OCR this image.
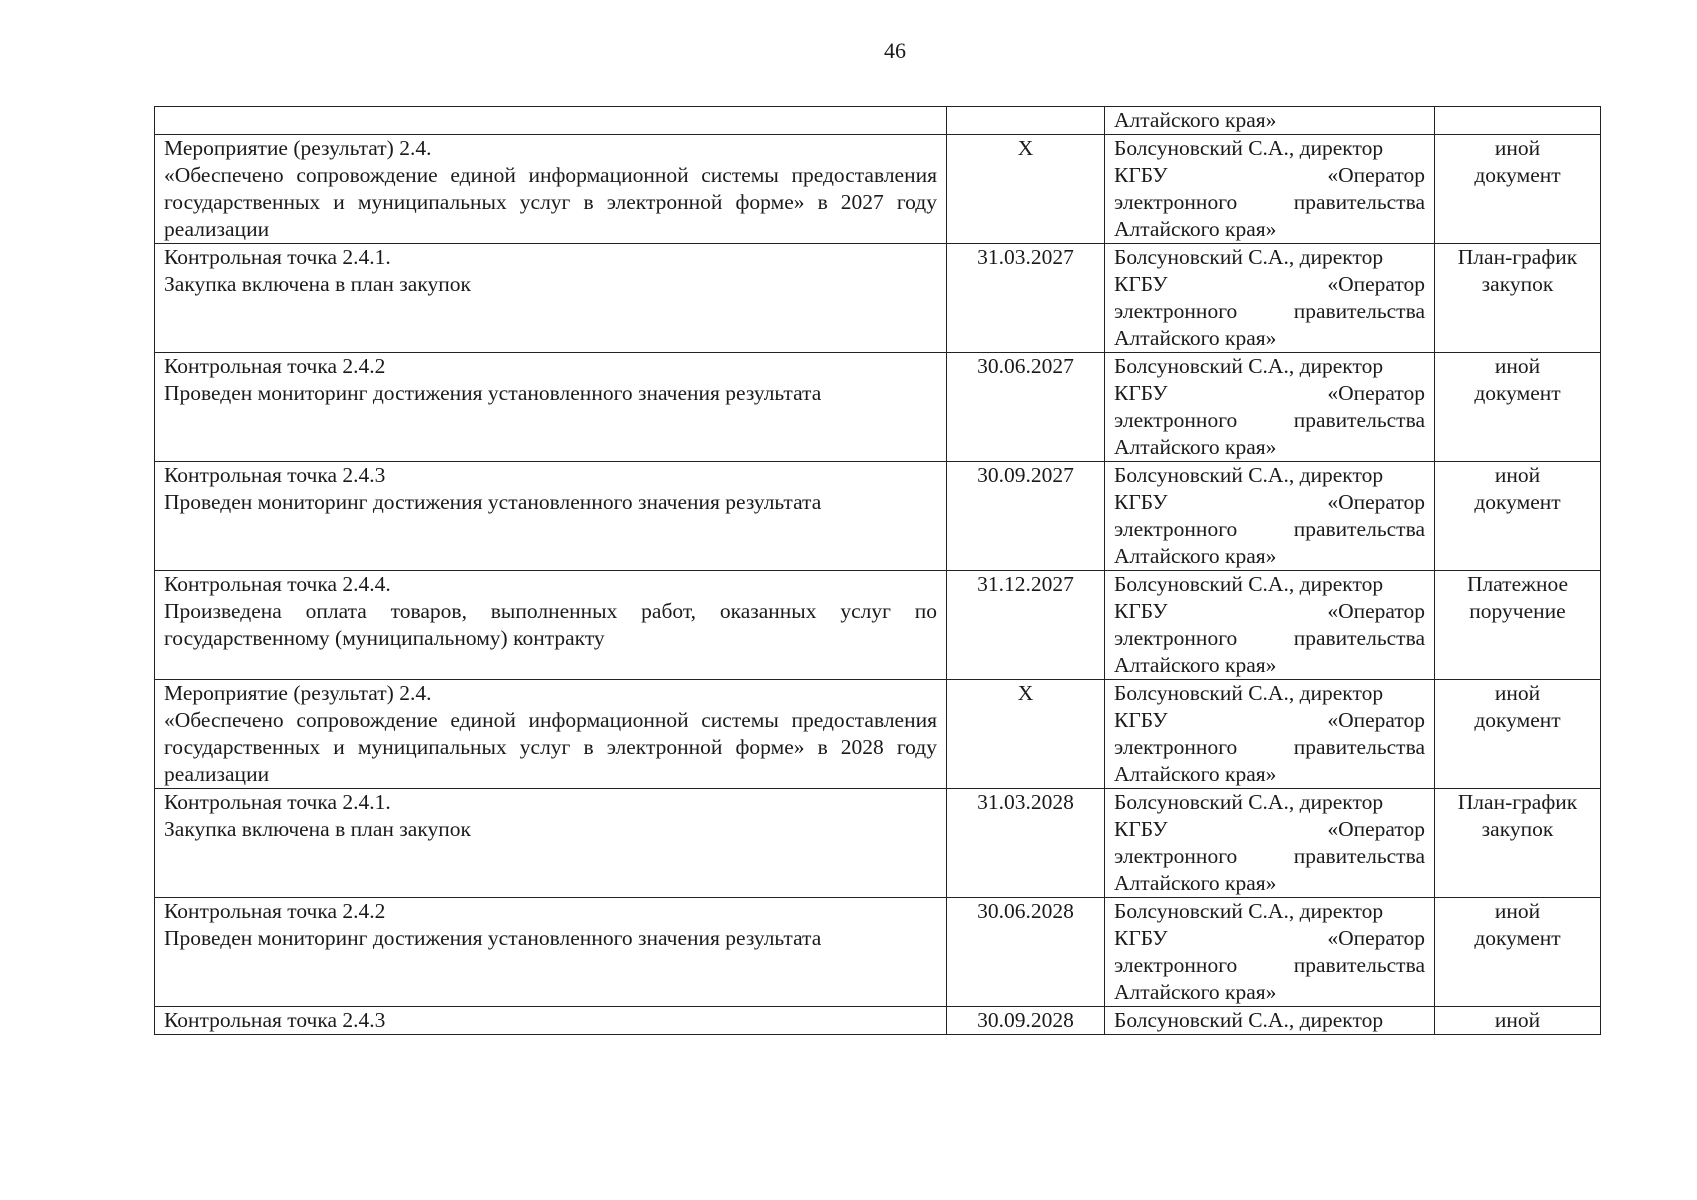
46

		Алтайского края»	

Мероприятие (результат) 2.4.
«Обеспечено сопровождение единой информационной системы предоставления государственных и муниципальных услуг в электронной форме» в 2027 году реализации	Х	Болсуновский С.А., директор
КГБУ «Оператор
электронного правительства
Алтайского края»	иной
документ

Контрольная точка 2.4.1.
Закупка включена в план закупок	31.03.2027	Болсуновский С.А., директор
КГБУ «Оператор
электронного правительства
Алтайского края»	План-график
закупок

Контрольная точка 2.4.2
Проведен мониторинг достижения установленного значения результата	30.06.2027	Болсуновский С.А., директор
КГБУ «Оператор
электронного правительства
Алтайского края»	иной
документ

Контрольная точка 2.4.3
Проведен мониторинг достижения установленного значения результата	30.09.2027	Болсуновский С.А., директор
КГБУ «Оператор
электронного правительства
Алтайского края»	иной
документ

Контрольная точка 2.4.4.
Произведена оплата товаров, выполненных работ, оказанных услуг по государственному (муниципальному) контракту	31.12.2027	Болсуновский С.А., директор
КГБУ «Оператор
электронного правительства
Алтайского края»	Платежное
поручение

Мероприятие (результат) 2.4.
«Обеспечено сопровождение единой информационной системы предоставления государственных и муниципальных услуг в электронной форме» в 2028 году реализации	Х	Болсуновский С.А., директор
КГБУ «Оператор
электронного правительства
Алтайского края»	иной
документ

Контрольная точка 2.4.1.
Закупка включена в план закупок	31.03.2028	Болсуновский С.А., директор
КГБУ «Оператор
электронного правительства
Алтайского края»	План-график
закупок

Контрольная точка 2.4.2
Проведен мониторинг достижения установленного значения результата	30.06.2028	Болсуновский С.А., директор
КГБУ «Оператор
электронного правительства
Алтайского края»	иной
документ

Контрольная точка 2.4.3	30.09.2028	Болсуновский С.А., директор	иной
